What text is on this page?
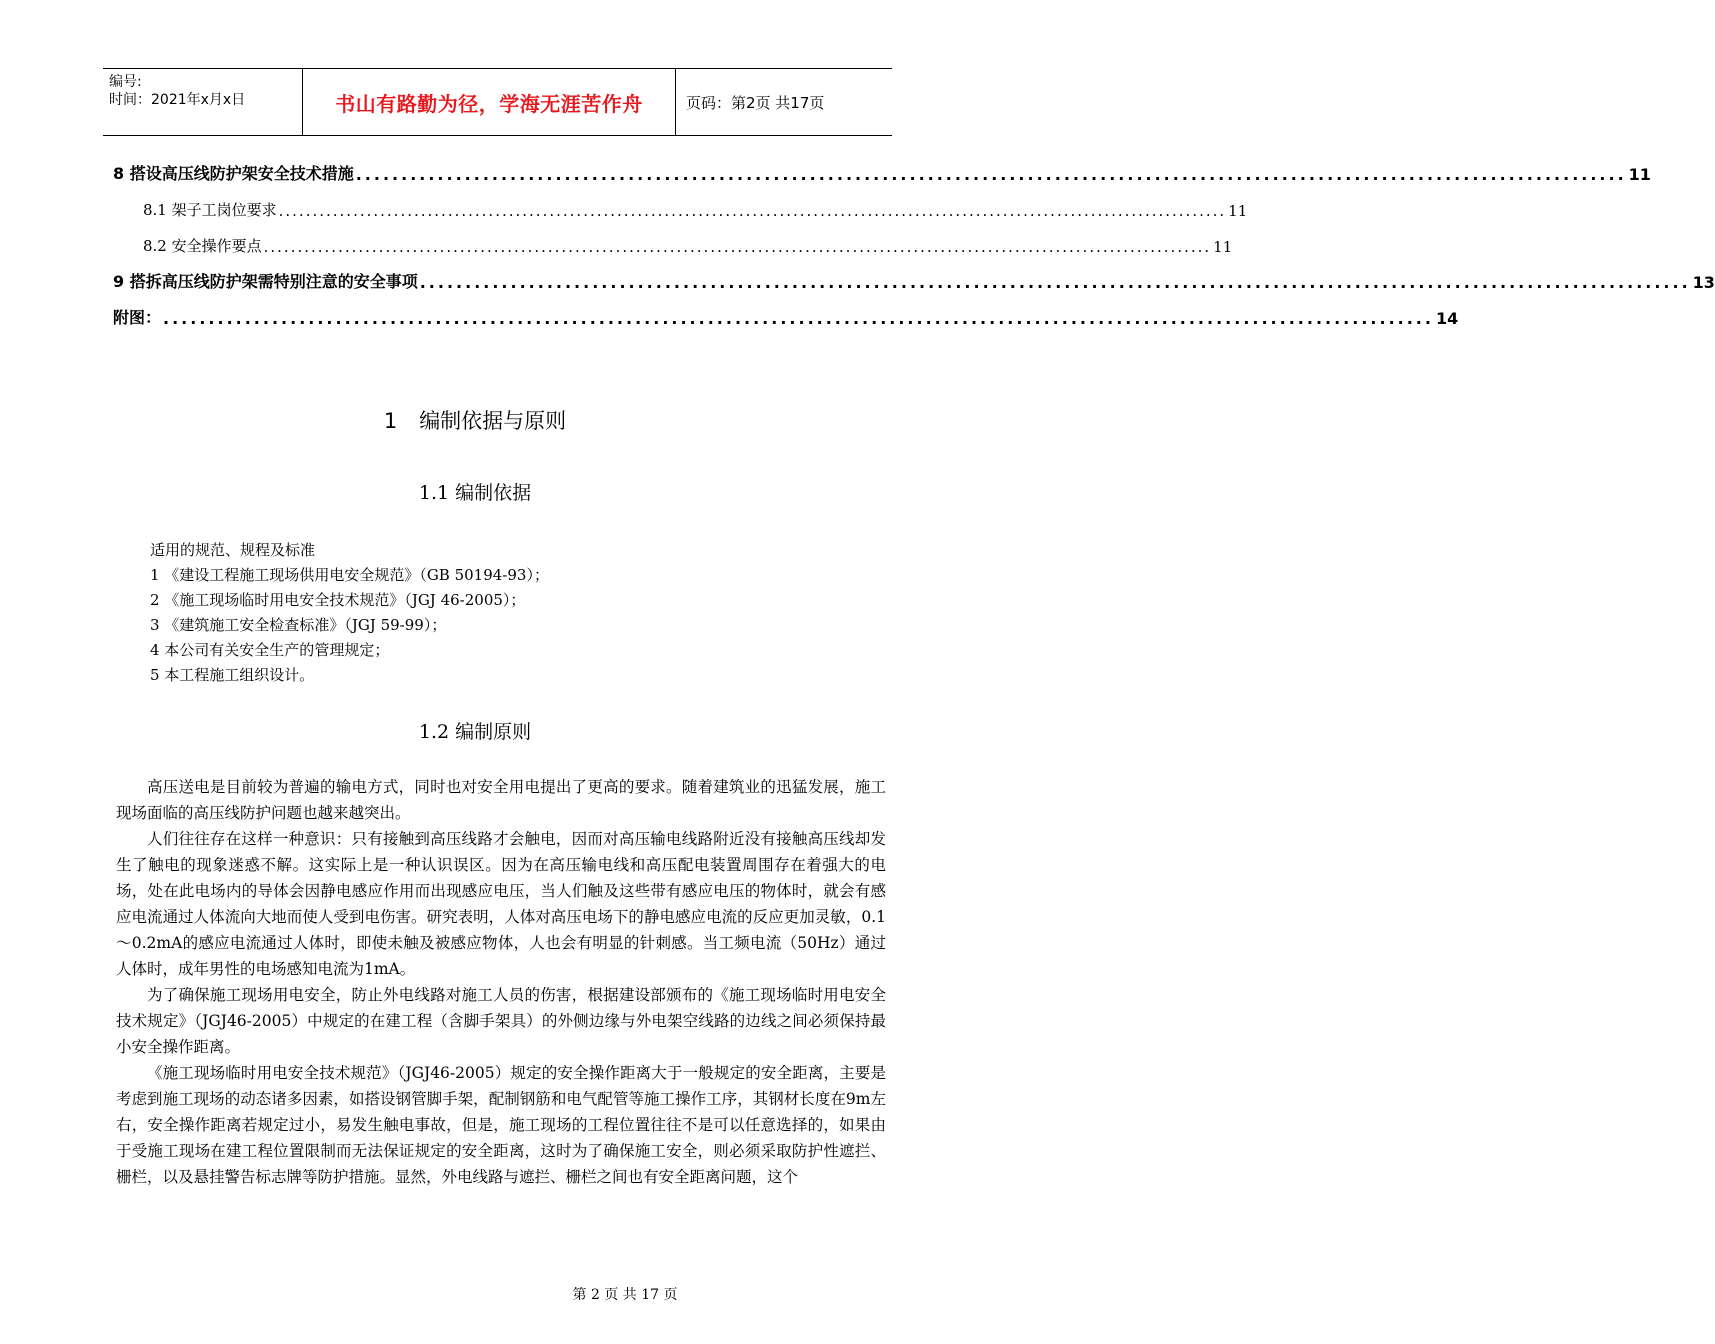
编号:
时间：2021年x月x日	书山有路勤为径，学海无涯苦作舟	页码：第2页 共17页
8 搭设高压线防护架安全技术措施 ............................................................................................................................................ 11
8.1 架子工岗位要求 ............................................................................................................................................ 11
8.2 安全操作要点 ............................................................................................................................................ 11
9 搭拆高压线防护架需特别注意的安全事项 ............................................................................................................................................ 13
附图： ............................................................................................................................................ 14
1 编制依据与原则
1.1 编制依据
适用的规范、规程及标准
1 《建设工程施工现场供用电安全规范》（GB 50194-93）；
2 《施工现场临时用电安全技术规范》（JGJ 46-2005）；
3 《建筑施工安全检查标准》（JGJ 59-99）；
4 本公司有关安全生产的管理规定；
5 本工程施工组织设计。
1.2 编制原则

高压送电是目前较为普遍的输电方式，同时也对安全用电提出了更高的要求。随着建筑业的迅猛发展，施工现场面临的高压线防护问题也越来越突出。

人们往往存在这样一种意识：只有接触到高压线路才会触电，因而对高压输电线路附近没有接触高压线却发生了触电的现象迷惑不解。这实际上是一种认识误区。因为在高压输电线和高压配电装置周围存在着强大的电场，处在此电场内的导体会因静电感应作用而出现感应电压，当人们触及这些带有感应电压的物体时，就会有感应电流通过人体流向大地而使人受到电伤害。研究表明，人体对高压电场下的静电感应电流的反应更加灵敏，0.1～0.2mA的感应电流通过人体时，即使未触及被感应物体，人也会有明显的针刺感。当工频电流（50Hz）通过人体时，成年男性的电场感知电流为1mA。

为了确保施工现场用电安全，防止外电线路对施工人员的伤害，根据建设部颁布的《施工现场临时用电安全技术规定》（JGJ46-2005）中规定的在建工程（含脚手架具）的外侧边缘与外电架空线路的边线之间必须保持最小安全操作距离。

《施工现场临时用电安全技术规范》（JGJ46-2005）规定的安全操作距离大于一般规定的安全距离，主要是考虑到施工现场的动态诸多因素，如搭设钢管脚手架，配制钢筋和电气配管等施工操作工序，其钢材长度在9m左右，安全操作距离若规定过小，易发生触电事故，但是，施工现场的工程位置往往不是可以任意选择的，如果由于受施工现场在建工程位置限制而无法保证规定的安全距离，这时为了确保施工安全，则必须采取防护性遮拦、栅栏，以及悬挂警告标志牌等防护措施。显然，外电线路与遮拦、栅栏之间也有安全距离问题，这个

第 2 页 共 17 页
